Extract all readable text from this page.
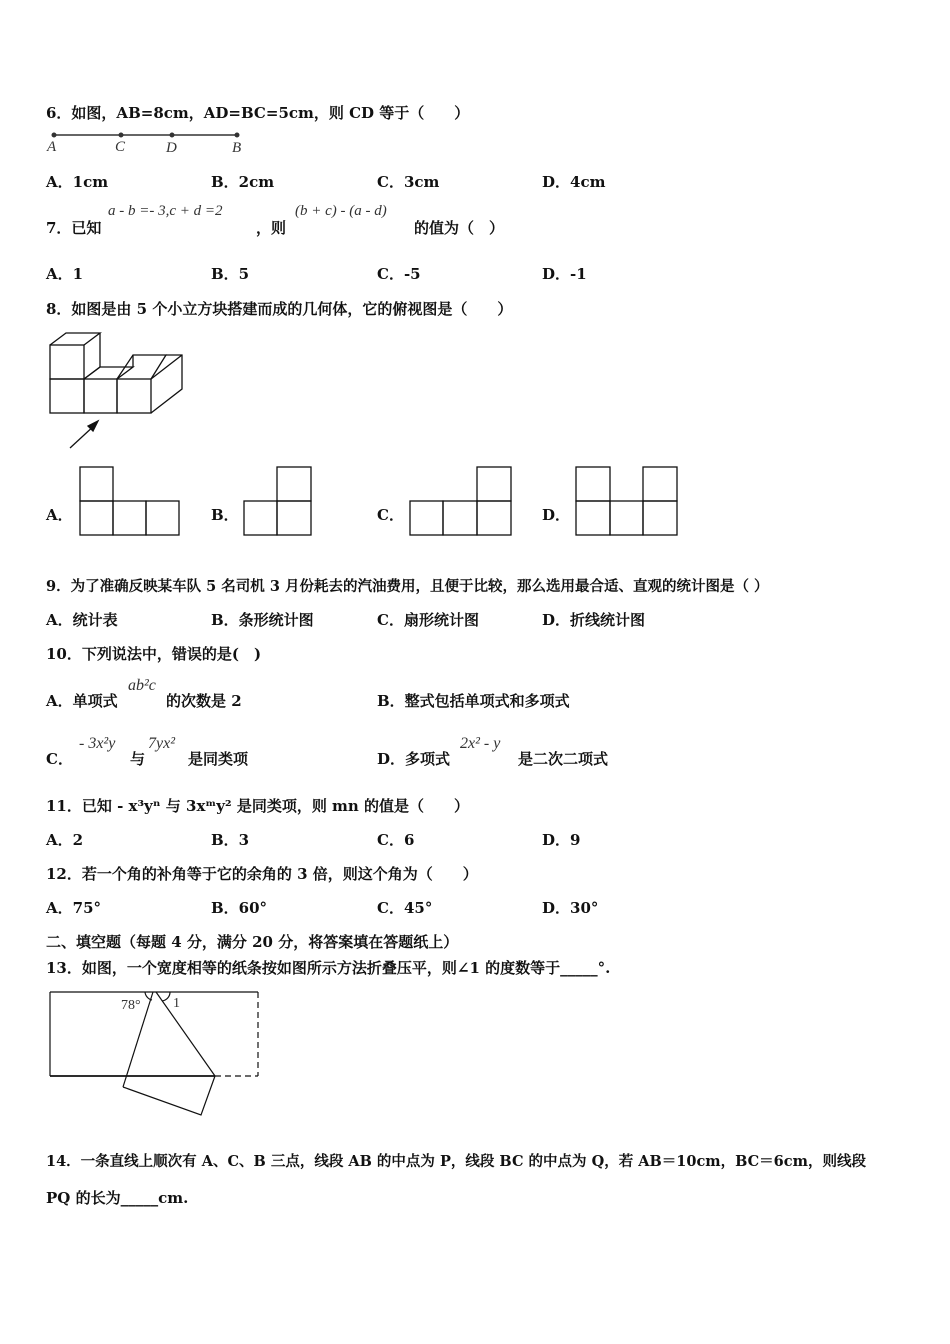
6．如图，AB=8cm，AD=BC=5cm，则 CD 等于（　　）
A	C	D	B
A．1cm	B．2cm	C．3cm	D．4cm
7．已知
a - b =- 3,c + d =2
，则
(b + c) - (a - d)
的值为（　）
A．1	B．5	C．-5	D．-1
8．如图是由 5 个小立方块搭建而成的几何体，它的俯视图是（　　）
A．	B．	C．	D．
9．为了准确反映某车队 5 名司机 3 月份耗去的汽油费用，且便于比较，那么选用最合适、直观的统计图是（ ）
A．统计表	B．条形统计图	C．扇形统计图	D．折线统计图
10．下列说法中，错误的是(　)
A．单项式
ab²c
的次数是 2	B．整式包括单项式和多项式
C．
- 3x²y
与
7yx²
是同类项	D．多项式
2x² - y
是二次二项式
11．已知 - x³yⁿ 与 3xᵐy² 是同类项，则 mn 的值是（　　）
A．2	B．3	C．6	D．9
12．若一个角的补角等于它的余角的 3 倍，则这个角为（　　）
A．75°	B．60°	C．45°	D．30°
二、填空题（每题 4 分，满分 20 分，将答案填在答题纸上）
13．如图，一个宽度相等的纸条按如图所示方法折叠压平，则∠1 的度数等于_____°.
78° 1
14．一条直线上顺次有 A、C、B 三点，线段 AB 的中点为 P，线段 BC 的中点为 Q，若 AB＝10cm，BC＝6cm，则线段
PQ 的长为_____cm.
